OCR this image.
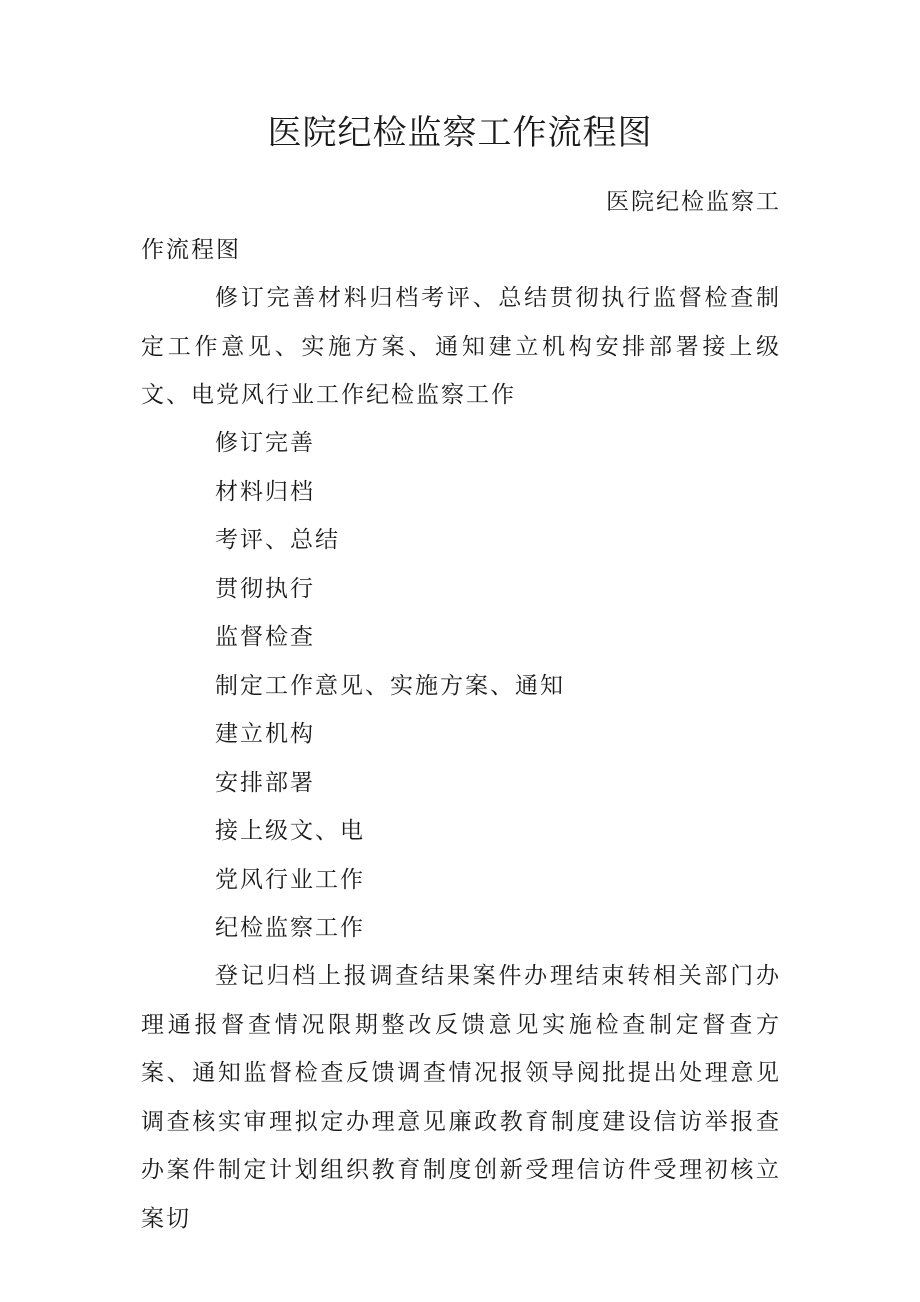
医院纪检监察工作流程图
医院纪检监察工
作流程图

修订完善材料归档考评、总结贯彻执行监督检查制定工作意见、实施方案、通知建立机构安排部署接上级文、电党风行业工作纪检监察工作

修订完善

材料归档

考评、总结

贯彻执行

监督检查

制定工作意见、实施方案、通知

建立机构

安排部署

接上级文、电

党风行业工作

纪检监察工作

登记归档上报调查结果案件办理结束转相关部门办理通报督查情况限期整改反馈意见实施检查制定督查方案、通知监督检查反馈调查情况报领导阅批提出处理意见调查核实审理拟定办理意见廉政教育制度建设信访举报查办案件制定计划组织教育制度创新受理信访件受理初核立案切
